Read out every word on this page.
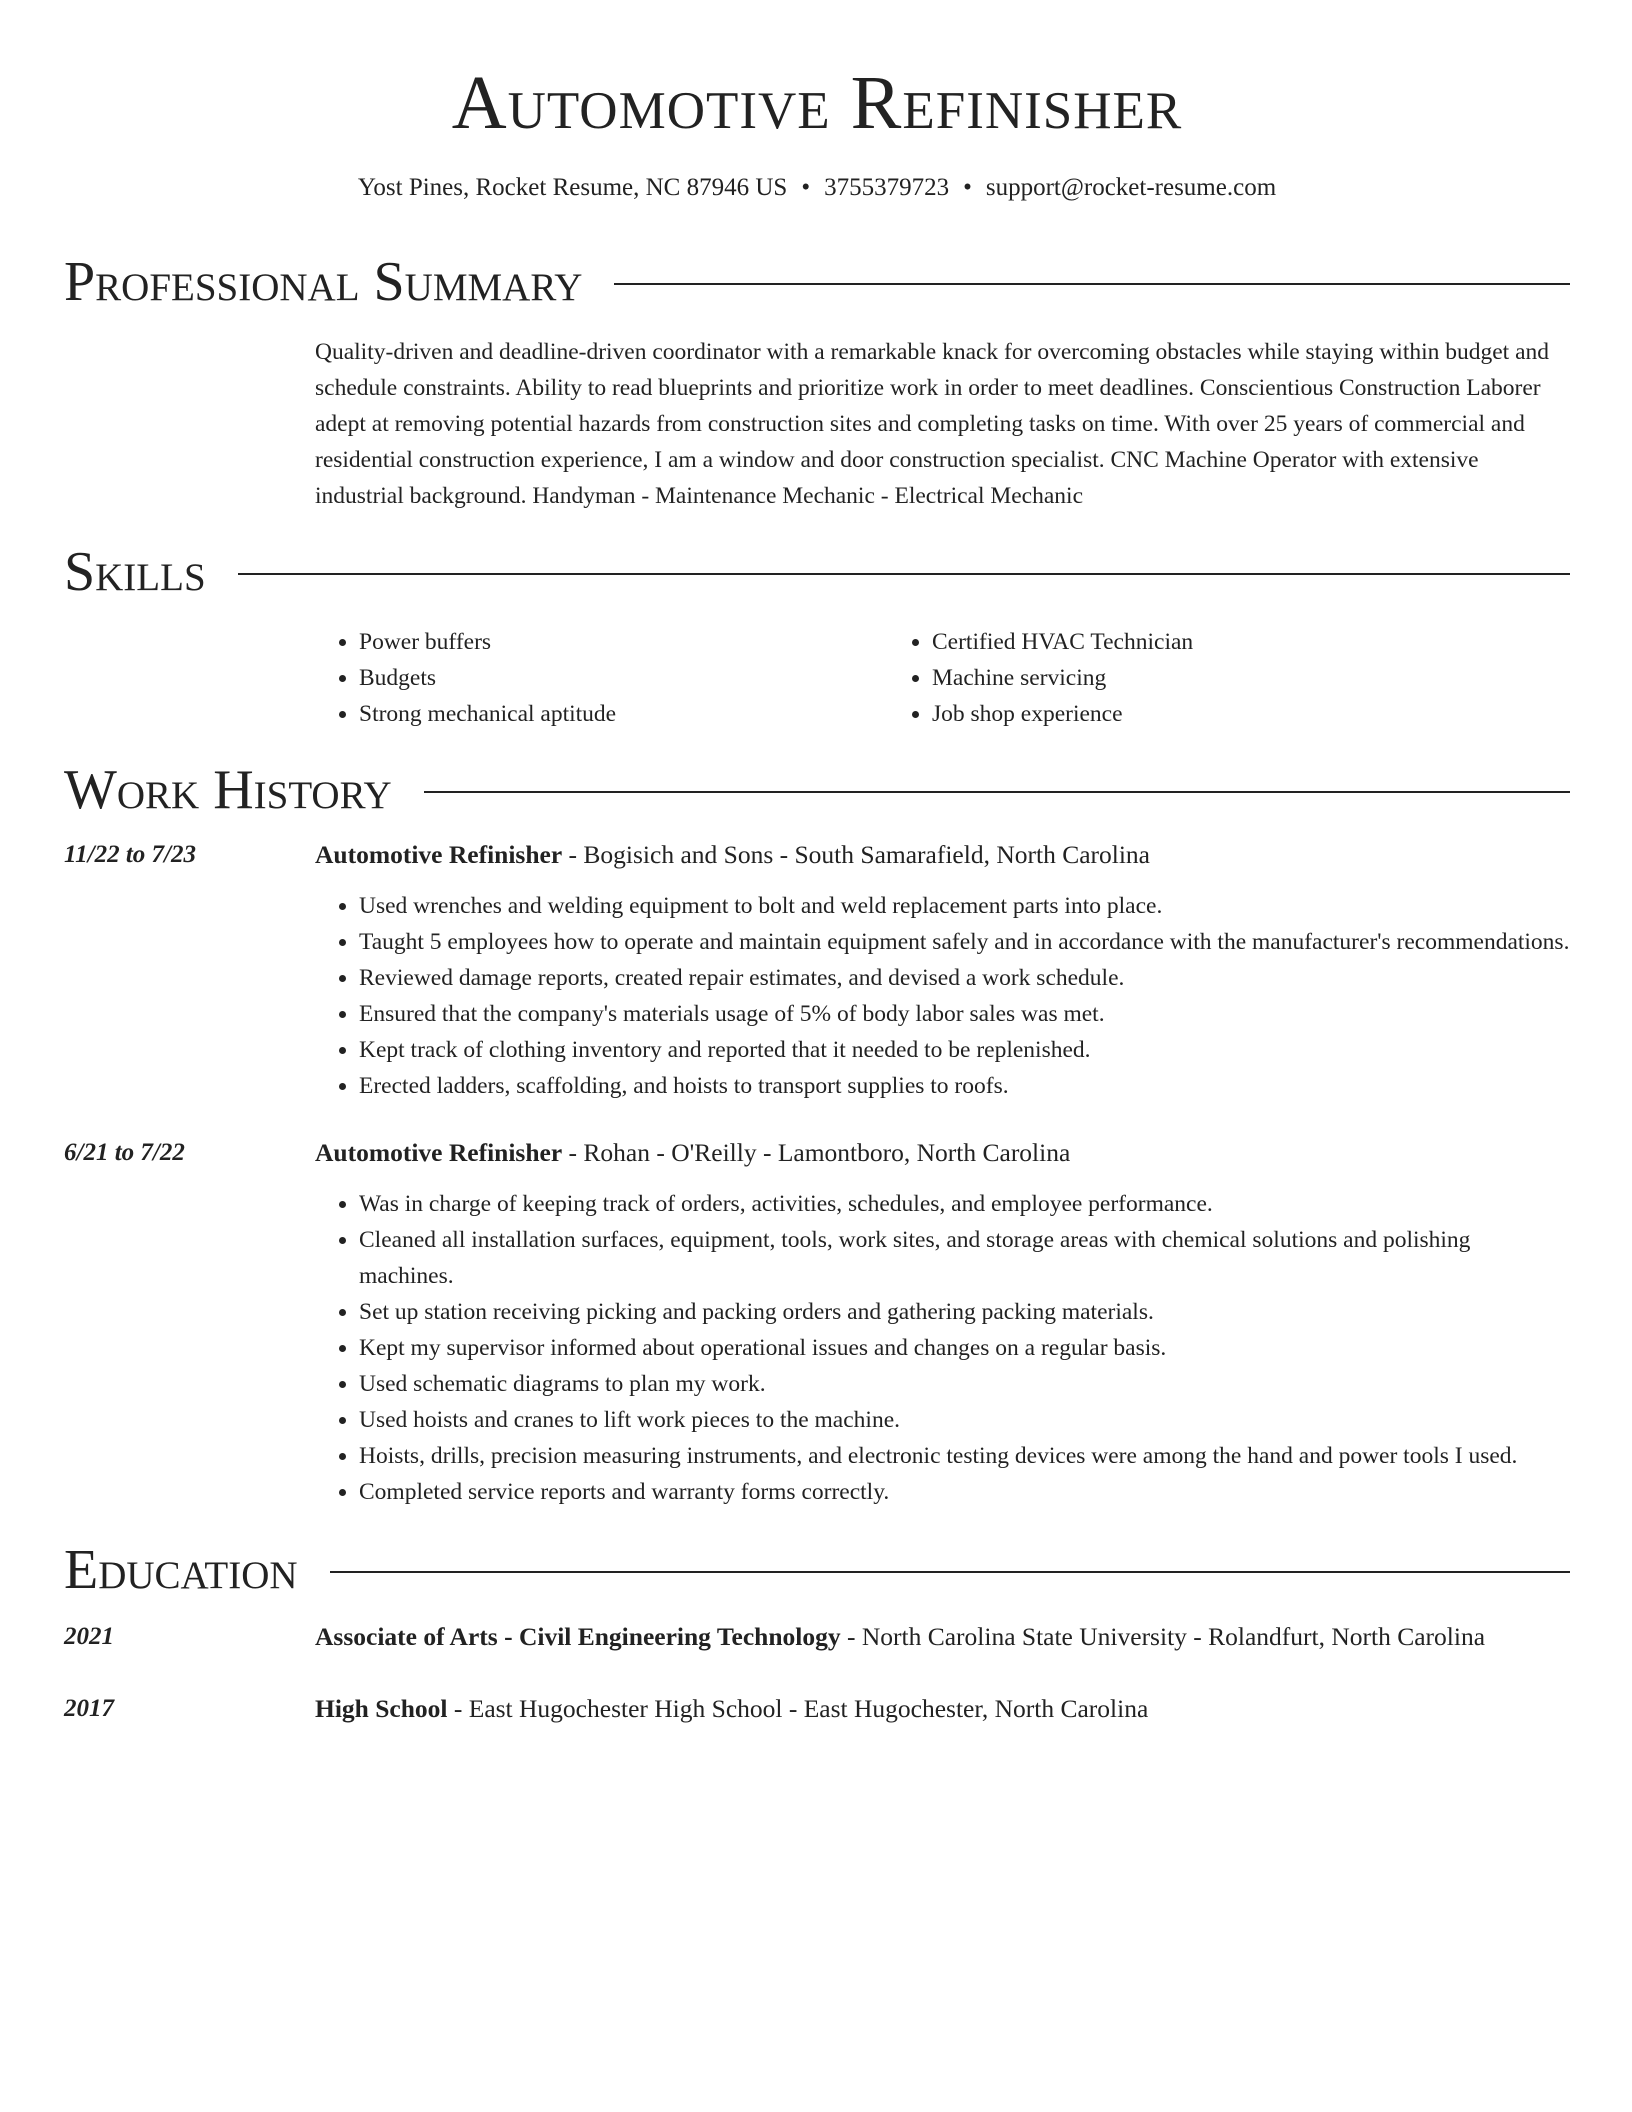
Automotive Refinisher
Yost Pines, Rocket Resume, NC 87946 US • 3755379723 • support@rocket-resume.com
Professional Summary

Quality-driven and deadline-driven coordinator with a remarkable knack for overcoming obstacles while staying within budget and schedule constraints. Ability to read blueprints and prioritize work in order to meet deadlines. Conscientious Construction Laborer adept at removing potential hazards from construction sites and completing tasks on time. With over 25 years of commercial and residential construction experience, I am a window and door construction specialist. CNC Machine Operator with extensive industrial background. Handyman - Maintenance Mechanic - Electrical Mechanic

Skills
• Power buffers
• Budgets
• Strong mechanical aptitude
• Certified HVAC Technician
• Machine servicing
• Job shop experience
Work History
11/22 to 7/23	Automotive Refinisher - Bogisich and Sons - South Samarafield, North Carolina
• Used wrenches and welding equipment to bolt and weld replacement parts into place.
• Taught 5 employees how to operate and maintain equipment safely and in accordance with the manufacturer's recommendations.
• Reviewed damage reports, created repair estimates, and devised a work schedule.
• Ensured that the company's materials usage of 5% of body labor sales was met.
• Kept track of clothing inventory and reported that it needed to be replenished.
• Erected ladders, scaffolding, and hoists to transport supplies to roofs.
6/21 to 7/22	Automotive Refinisher - Rohan - O'Reilly - Lamontboro, North Carolina
• Was in charge of keeping track of orders, activities, schedules, and employee performance.
• Cleaned all installation surfaces, equipment, tools, work sites, and storage areas with chemical solutions and polishing machines.
• Set up station receiving picking and packing orders and gathering packing materials.
• Kept my supervisor informed about operational issues and changes on a regular basis.
• Used schematic diagrams to plan my work.
• Used hoists and cranes to lift work pieces to the machine.
• Hoists, drills, precision measuring instruments, and electronic testing devices were among the hand and power tools I used.
• Completed service reports and warranty forms correctly.
Education
2021	Associate of Arts - Civil Engineering Technology - North Carolina State University - Rolandfurt, North Carolina
2017	High School - East Hugochester High School - East Hugochester, North Carolina
